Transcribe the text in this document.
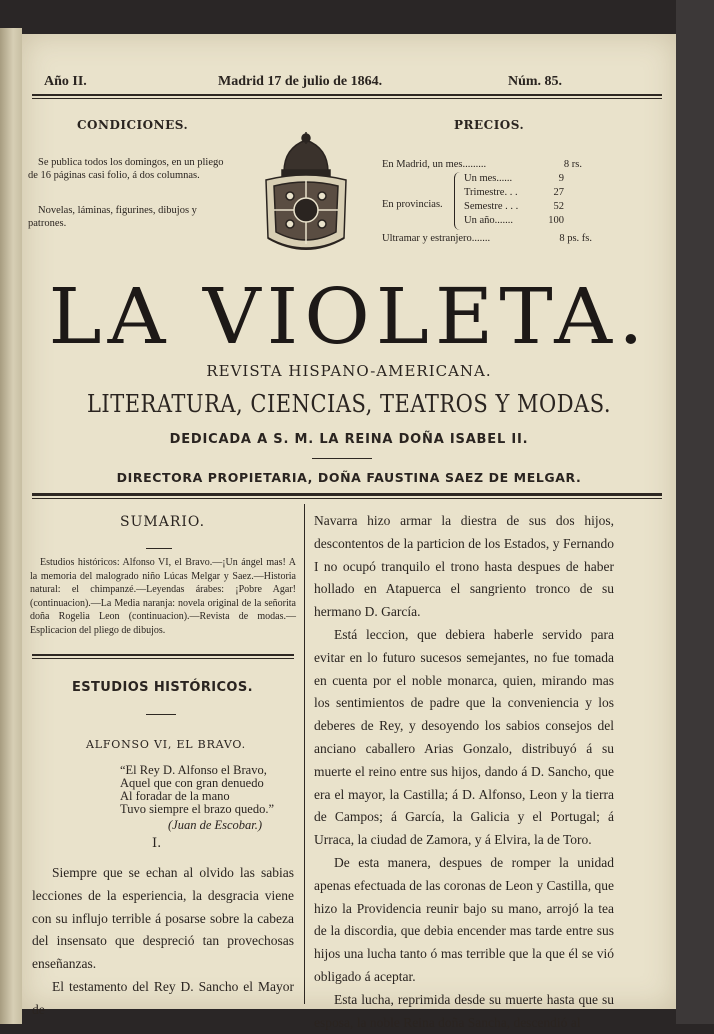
Año II.	Madrid 17 de julio de 1864.	Núm. 85.
CONDICIONES.
Se publica todos los domingos, en un pliego de 16 páginas casi folio, á dos columnas.
Novelas, láminas, figurines, dibujos y patrones.
PRECIOS.
En Madrid, un mes.........	8 rs.
En provincias.
Un mes......	9
Trimestre. . .	27
Semestre . . .	52
Un año.......	100
Ultramar y estranjero.......	8 ps. fs.
LA VIOLETA.
REVISTA HISPANO-AMERICANA.
LITERATURA, CIENCIAS, TEATROS Y MODAS.
DEDICADA A S. M. LA REINA DOÑA ISABEL II.
DIRECTORA PROPIETARIA, DOÑA FAUSTINA SAEZ DE MELGAR.
SUMARIO.
Estudios históricos: Alfonso VI, el Bravo.—¡Un ángel mas! A la memoria del malogrado niño Lúcas Melgar y Saez.—Historia natural: el chimpanzé.—Leyendas árabes: ¡Pobre Agar! (continuacion).—La Media naranja: novela original de la señorita doña Rogelia Leon (continuacion).—Revista de modas.—Esplicacion del pliego de dibujos.
ESTUDIOS HISTÓRICOS.
ALFONSO VI, EL BRAVO.
“El Rey D. Alfonso el Bravo,
Aquel que con gran denuedo
Al foradar de la mano
Tuvo siempre el brazo quedo.”
(Juan de Escobar.)
I.

Siempre que se echan al olvido las sabias lecciones de la esperiencia, la desgracia viene con su influjo terrible á posarse sobre la cabeza del insensato que despreció tan provechosas enseñanzas.

El testamento del Rey D. Sancho el Mayor de

Navarra hizo armar la diestra de sus dos hijos, descontentos de la particion de los Estados, y Fernando I no ocupó tranquilo el trono hasta despues de haber hollado en Atapuerca el sangriento tronco de su hermano D. García.

Está leccion, que debiera haberle servido para evitar en lo futuro sucesos semejantes, no fue tomada en cuenta por el noble monarca, quien, mirando mas los sentimientos de padre que la conveniencia y los deberes de Rey, y desoyendo los sabios consejos del anciano caballero Arias Gonzalo, distribuyó á su muerte el reino entre sus hijos, dando á D. Sancho, que era el mayor, la Castilla; á D. Alfonso, Leon y la tierra de Campos; á García, la Galicia y el Portugal; á Urraca, la ciudad de Zamora, y á Elvira, la de Toro.

De esta manera, despues de romper la unidad apenas efectuada de las coronas de Leon y Castilla, que hizo la Providencia reunir bajo su mano, arrojó la tea de la discordia, que debia encender mas tarde entre sus hijos una lucha tanto ó mas terrible que la que él se vió obligado á aceptar.

Esta lucha, reprimida desde su muerte hasta que su esposa, la noble Reina doña Sancha, descendió al
